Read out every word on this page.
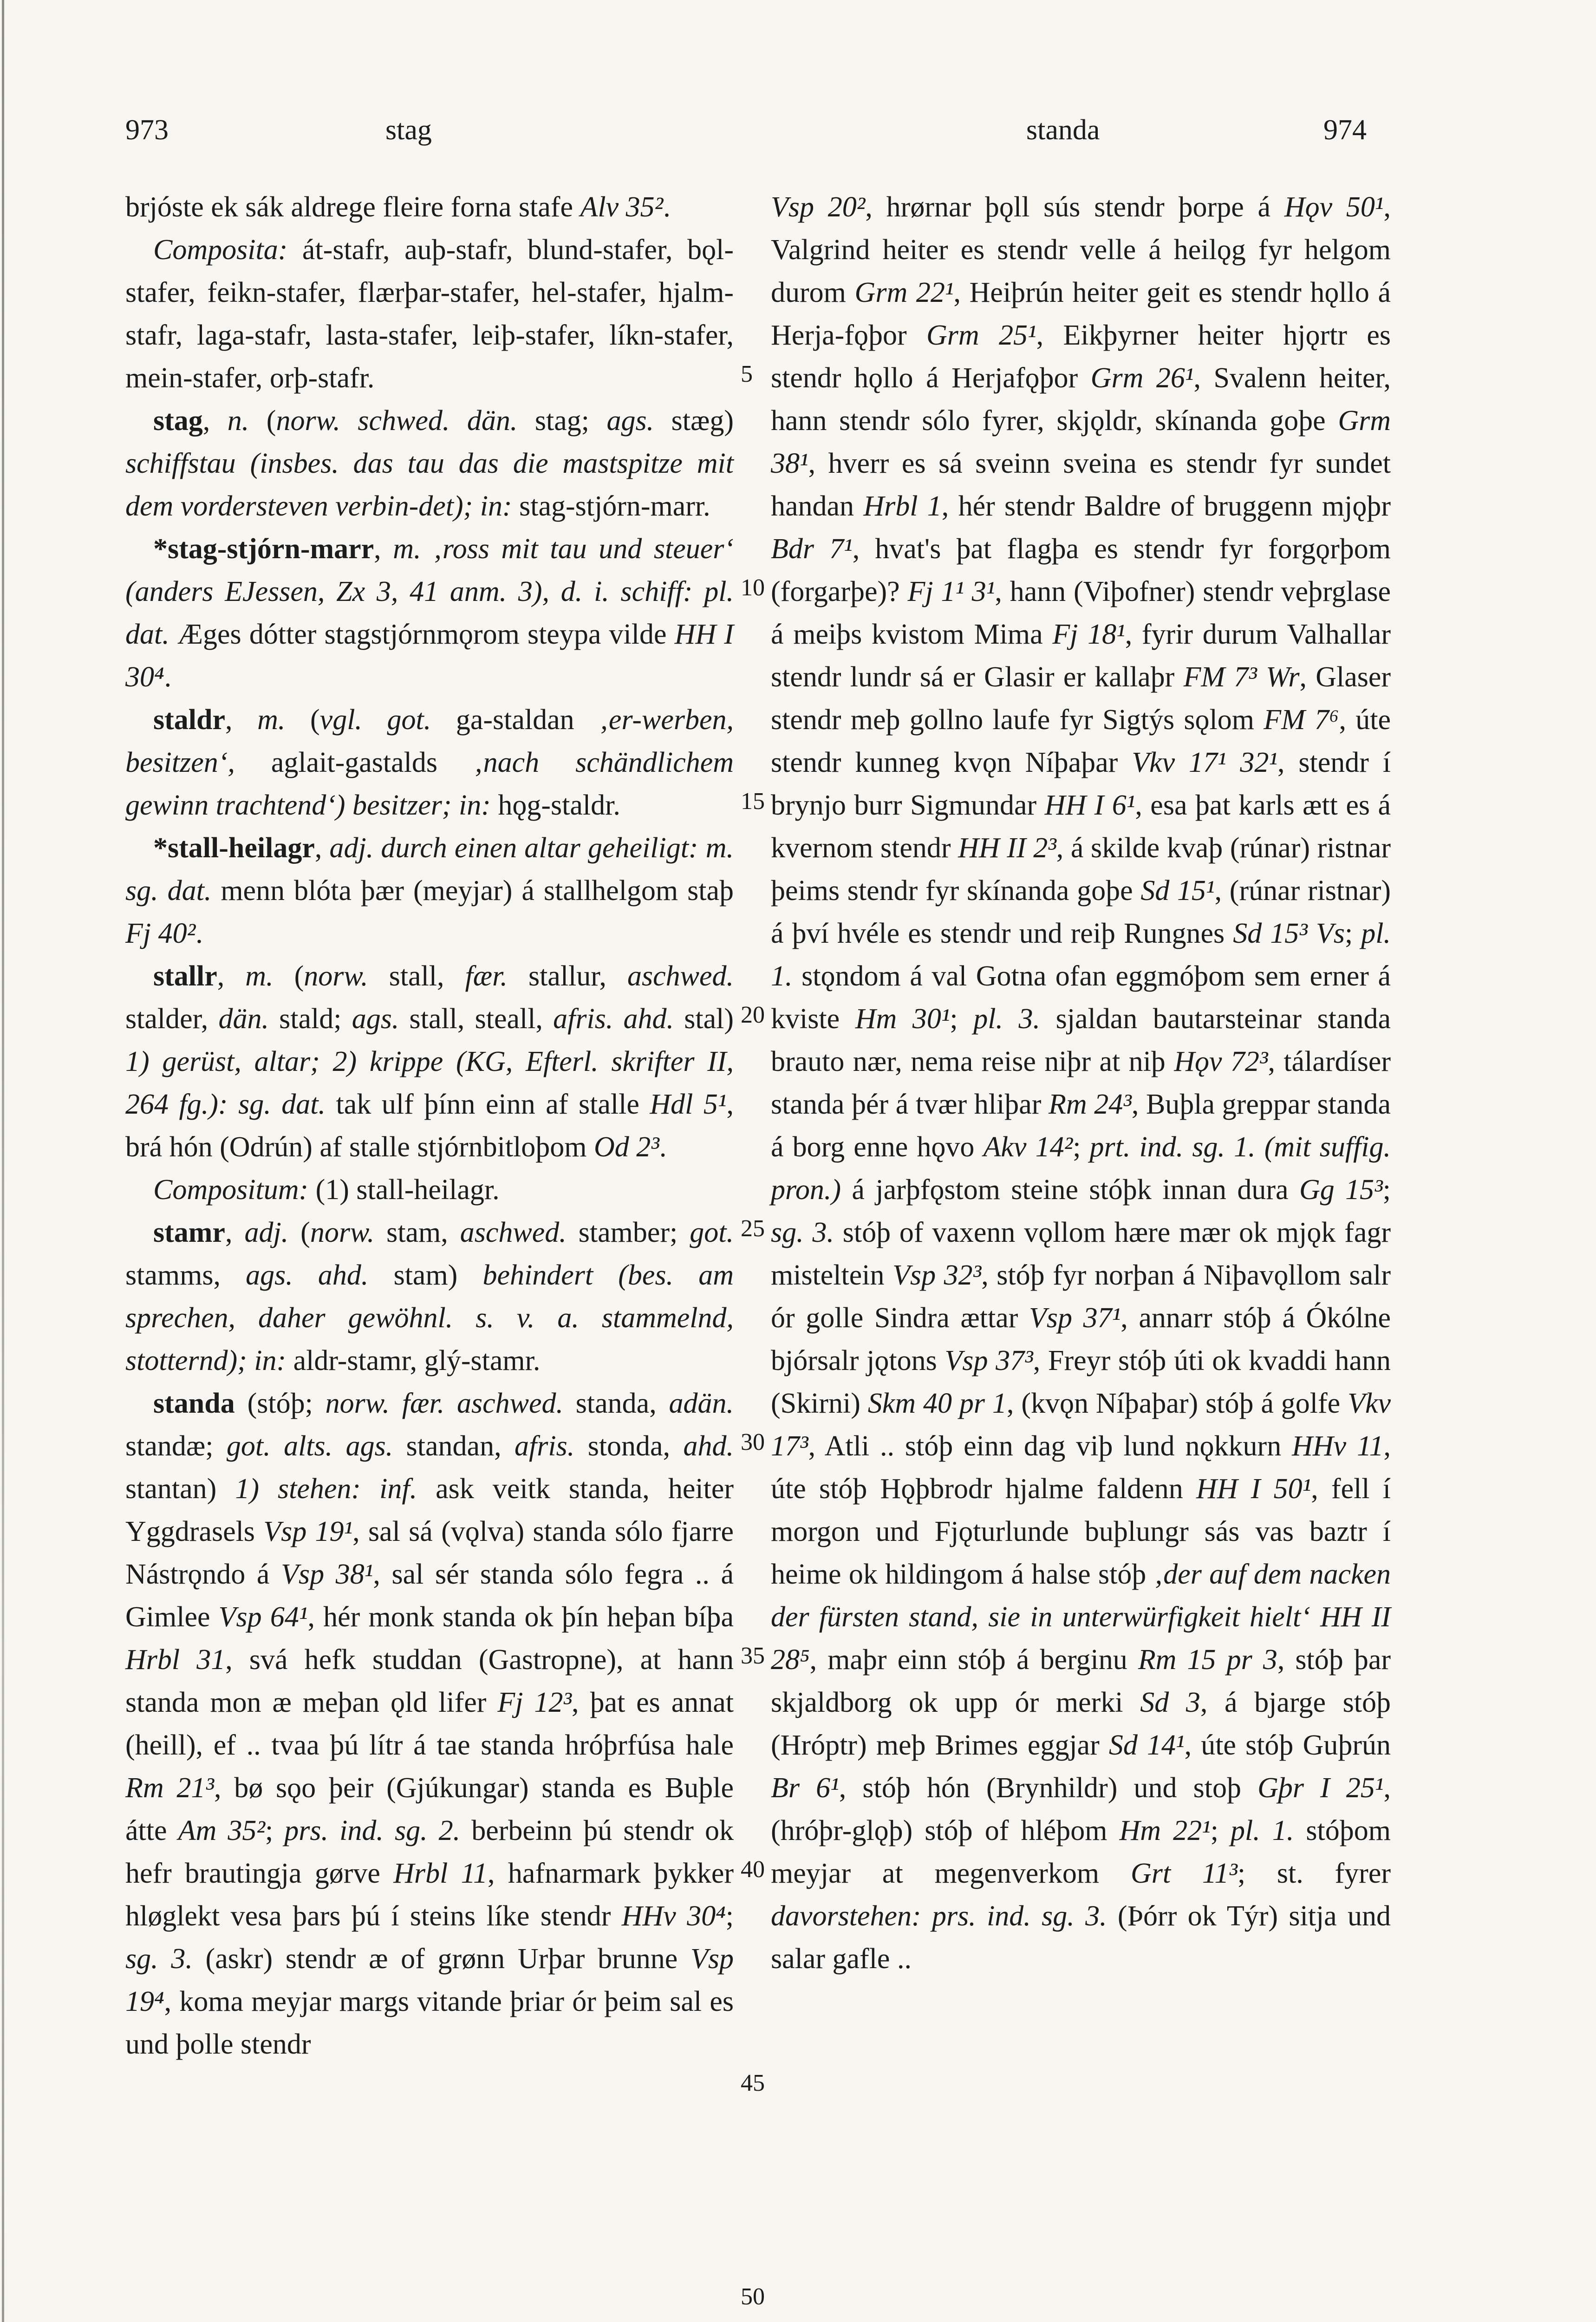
973	stag	standa	974

brjóste ek sák aldrege fleire forna stafe Alv 35².

Composita: át-stafr, auþ-stafr, blund-stafer, bǫl-stafer, feikn-stafer, flærþar-stafer, hel-stafer, hjalm-stafr, laga-stafr, lasta-stafer, leiþ-stafer, líkn-stafer, mein-stafer, orþ-stafr.

stag, n. (norw. schwed. dän. stag; ags. stæg) schiffstau (insbes. das tau das die mastspitze mit dem vordersteven verbin-det); in: stag-stjórn-marr.

*stag-stjórn-marr, m. ‚ross mit tau und steuer‘ (anders EJessen, Zx 3, 41 anm. 3), d. i. schiff: pl. dat. Æges dótter stagstjórnmǫrom steypa vilde HH I 30⁴.

staldr, m. (vgl. got. ga-staldan ‚er-werben, besitzen‘, aglait-gastalds ‚nach schändlichem gewinn trachtend‘) besitzer; in: hǫg-staldr.

*stall-heilagr, adj. durch einen altar geheiligt: m. sg. dat. menn blóta þær (meyjar) á stallhelgom staþ Fj 40².

stallr, m. (norw. stall, fær. stallur, aschwed. stalder, dän. stald; ags. stall, steall, afris. ahd. stal) 1) gerüst, altar; 2) krippe (KG, Efterl. skrifter II, 264 fg.): sg. dat. tak ulf þínn einn af stalle Hdl 5¹, brá hón (Odrún) af stalle stjórnbitloþom Od 2³.

Compositum: (1) stall-heilagr.

stamr, adj. (norw. stam, aschwed. stamber; got. stamms, ags. ahd. stam) behindert (bes. am sprechen, daher gewöhnl. s. v. a. stammelnd, stotternd); in: aldr-stamr, glý-stamr.

standa (stóþ; norw. fær. aschwed. standa, adän. standæ; got. alts. ags. standan, afris. stonda, ahd. stantan) 1) stehen: inf. ask veitk standa, heiter Yggdrasels Vsp 19¹, sal sá (vǫlva) standa sólo fjarre Nástrǫndo á Vsp 38¹, sal sér standa sólo fegra .. á Gimlee Vsp 64¹, hér monk standa ok þín heþan bíþa Hrbl 31, svá hefk studdan (Gastropne), at hann standa mon æ meþan ǫld lifer Fj 12³, þat es annat (heill), ef .. tvaa þú lítr á tae standa hróþrfúsa hale Rm 21³, bø sǫo þeir (Gjúkungar) standa es Buþle átte Am 35²; prs. ind. sg. 2. berbeinn þú stendr ok hefr brautingja gørve Hrbl 11, hafnarmark þykker hløglekt vesa þars þú í steins líke stendr HHv 30⁴; sg. 3. (askr) stendr æ of grønn Urþar brunne Vsp 19⁴, koma meyjar margs vitande þriar ór þeim sal es und þolle stendr

5
10
15
20
25
30
35
40
45
50

Vsp 20², hrørnar þǫll sús stendr þorpe á Hǫv 50¹, Valgrind heiter es stendr velle á heilǫg fyr helgom durom Grm 22¹, Heiþrún heiter geit es stendr hǫllo á Herja-fǫþor Grm 25¹, Eikþyrner heiter hjǫrtr es stendr hǫllo á Herjafǫþor Grm 26¹, Svalenn heiter, hann stendr sólo fyrer, skjǫldr, skínanda goþe Grm 38¹, hverr es sá sveinn sveina es stendr fyr sundet handan Hrbl 1, hér stendr Baldre of bruggenn mjǫþr Bdr 7¹, hvat's þat flagþa es stendr fyr forgǫrþom (forgarþe)? Fj 1¹ 3¹, hann (Viþofner) stendr veþrglase á meiþs kvistom Mima Fj 18¹, fyrir durum Valhallar stendr lundr sá er Glasir er kallaþr FM 7³ Wr, Glaser stendr meþ gollno laufe fyr Sigtýs sǫlom FM 7⁶, úte stendr kunneg kvǫn Níþaþar Vkv 17¹ 32¹, stendr í brynjo burr Sigmundar HH I 6¹, esa þat karls ætt es á kvernom stendr HH II 2³, á skilde kvaþ (rúnar) ristnar þeims stendr fyr skínanda goþe Sd 15¹, (rúnar ristnar) á því hvéle es stendr und reiþ Rungnes Sd 15³ Vs; pl. 1. stǫndom á val Gotna ofan eggmóþom sem erner á kviste Hm 30¹; pl. 3. sjaldan bautarsteinar standa brauto nær, nema reise niþr at niþ Hǫv 72³, tálardíser standa þér á tvær hliþar Rm 24³, Buþla greppar standa á borg enne hǫvo Akv 14²; prt. ind. sg. 1. (mit suffig. pron.) á jarþfǫstom steine stóþk innan dura Gg 15³; sg. 3. stóþ of vaxenn vǫllom hære mær ok mjǫk fagr misteltein Vsp 32³, stóþ fyr norþan á Niþavǫllom salr ór golle Sindra ættar Vsp 37¹, annarr stóþ á Ókólne bjórsalr jǫtons Vsp 37³, Freyr stóþ úti ok kvaddi hann (Skirni) Skm 40 pr 1, (kvǫn Níþaþar) stóþ á golfe Vkv 17³, Atli .. stóþ einn dag viþ lund nǫkkurn HHv 11, úte stóþ Hǫþbrodr hjalme faldenn HH I 50¹, fell í morgon und Fjǫturlunde buþlungr sás vas baztr í heime ok hildingom á halse stóþ ‚der auf dem nacken der fürsten stand, sie in unterwürfigkeit hielt‘ HH II 28⁵, maþr einn stóþ á berginu Rm 15 pr 3, stóþ þar skjaldborg ok upp ór merki Sd 3, á bjarge stóþ (Hróptr) meþ Brimes eggjar Sd 14¹, úte stóþ Guþrún Br 6¹, stóþ hón (Brynhildr) und stoþ Gþr I 25¹, (hróþr-glǫþ) stóþ of hléþom Hm 22¹; pl. 1. stóþom meyjar at megenverkom Grt 11³; st. fyrer davorstehen: prs. ind. sg. 3. (Þórr ok Týr) sitja und salar gafle ..
